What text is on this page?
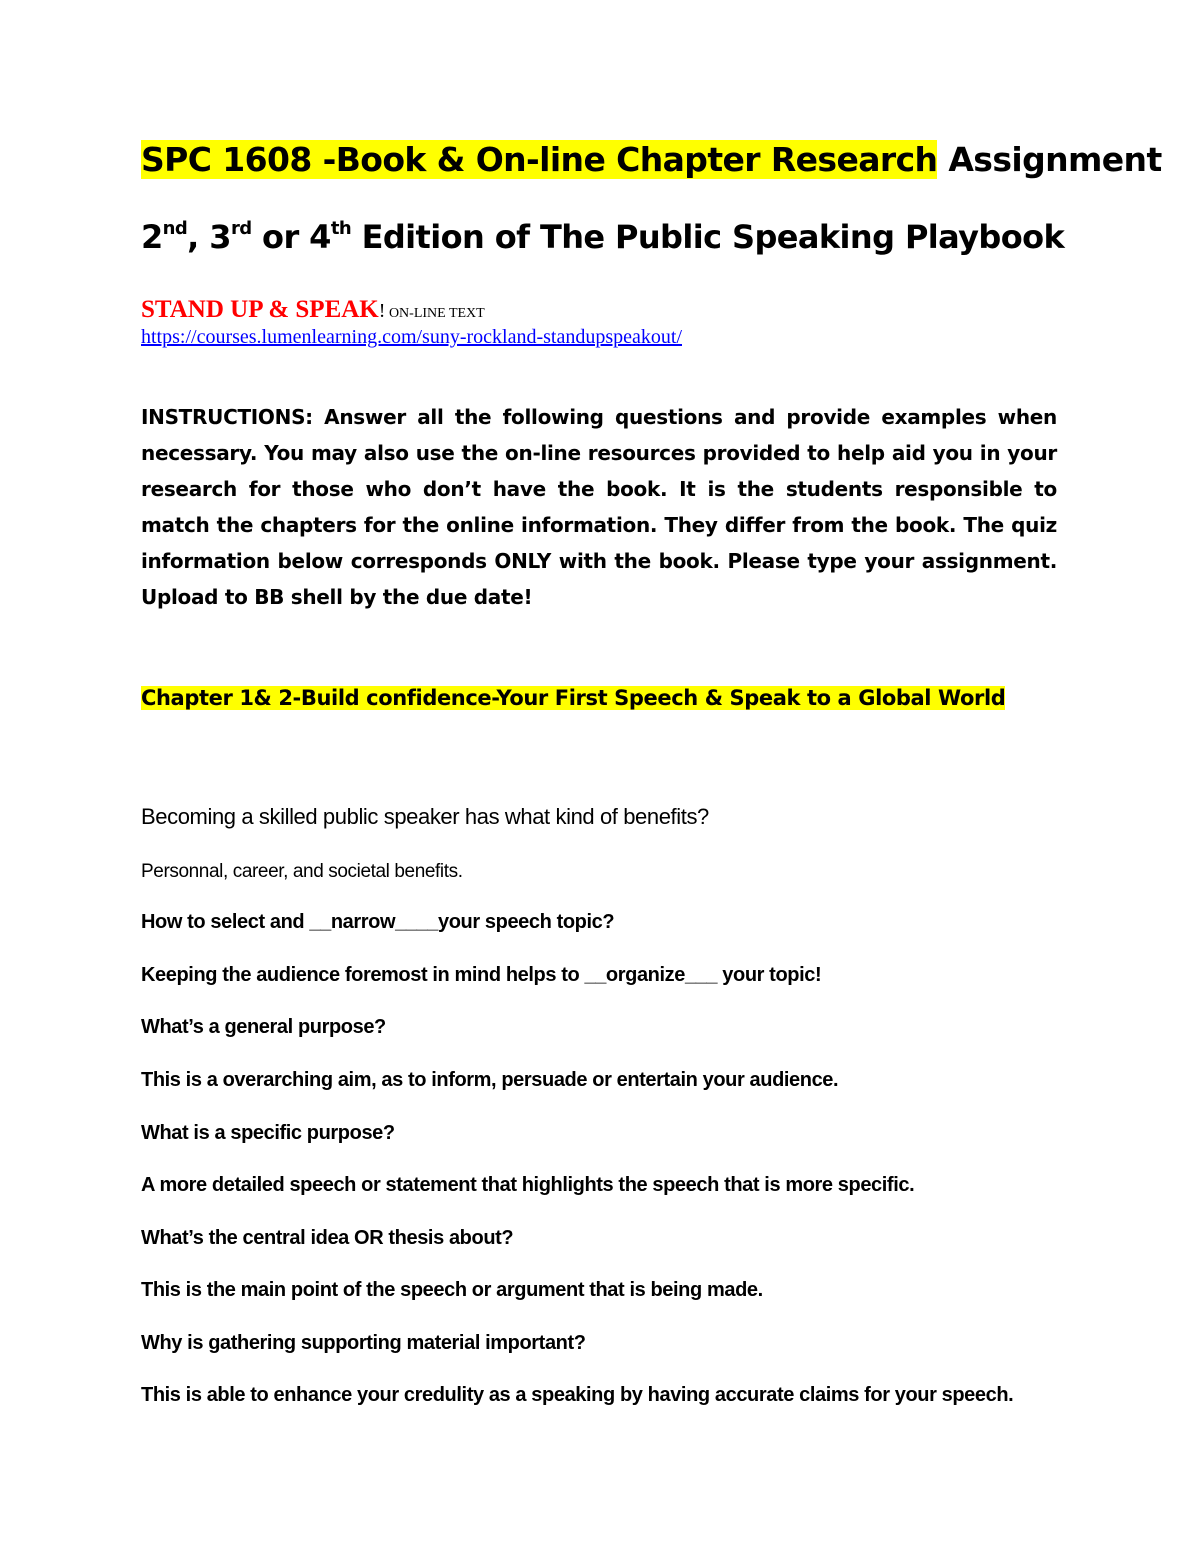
SPC 1608 -Book & On-line Chapter Research Assignment
2nd, 3rd or 4th Edition of The Public Speaking Playbook
STAND UP & SPEAK! ON-LINE TEXT
https://courses.lumenlearning.com/suny-rockland-standupspeakout/
INSTRUCTIONS: Answer all the following questions and provide examples when necessary. You may also use the on-line resources provided to help aid you in your research for those who don’t have the book. It is the students responsible to match the chapters for the online information. They differ from the book. The quiz information below corresponds ONLY with the book. Please type your assignment. Upload to BB shell by the due date!
Chapter 1& 2-Build confidence-Your First Speech & Speak to a Global World
Becoming a skilled public speaker has what kind of benefits?
Personnal, career, and societal benefits.
How to select and __narrow____your speech topic?
Keeping the audience foremost in mind helps to __organize___ your topic!
What’s a general purpose?
This is a overarching aim, as to inform, persuade or entertain your audience.
What is a specific purpose?
A more detailed speech or statement that highlights the speech that is more specific.
What’s the central idea OR thesis about?
This is the main point of the speech or argument that is being made.
Why is gathering supporting material important?
This is able to enhance your credulity as a speaking by having accurate claims for your speech.
